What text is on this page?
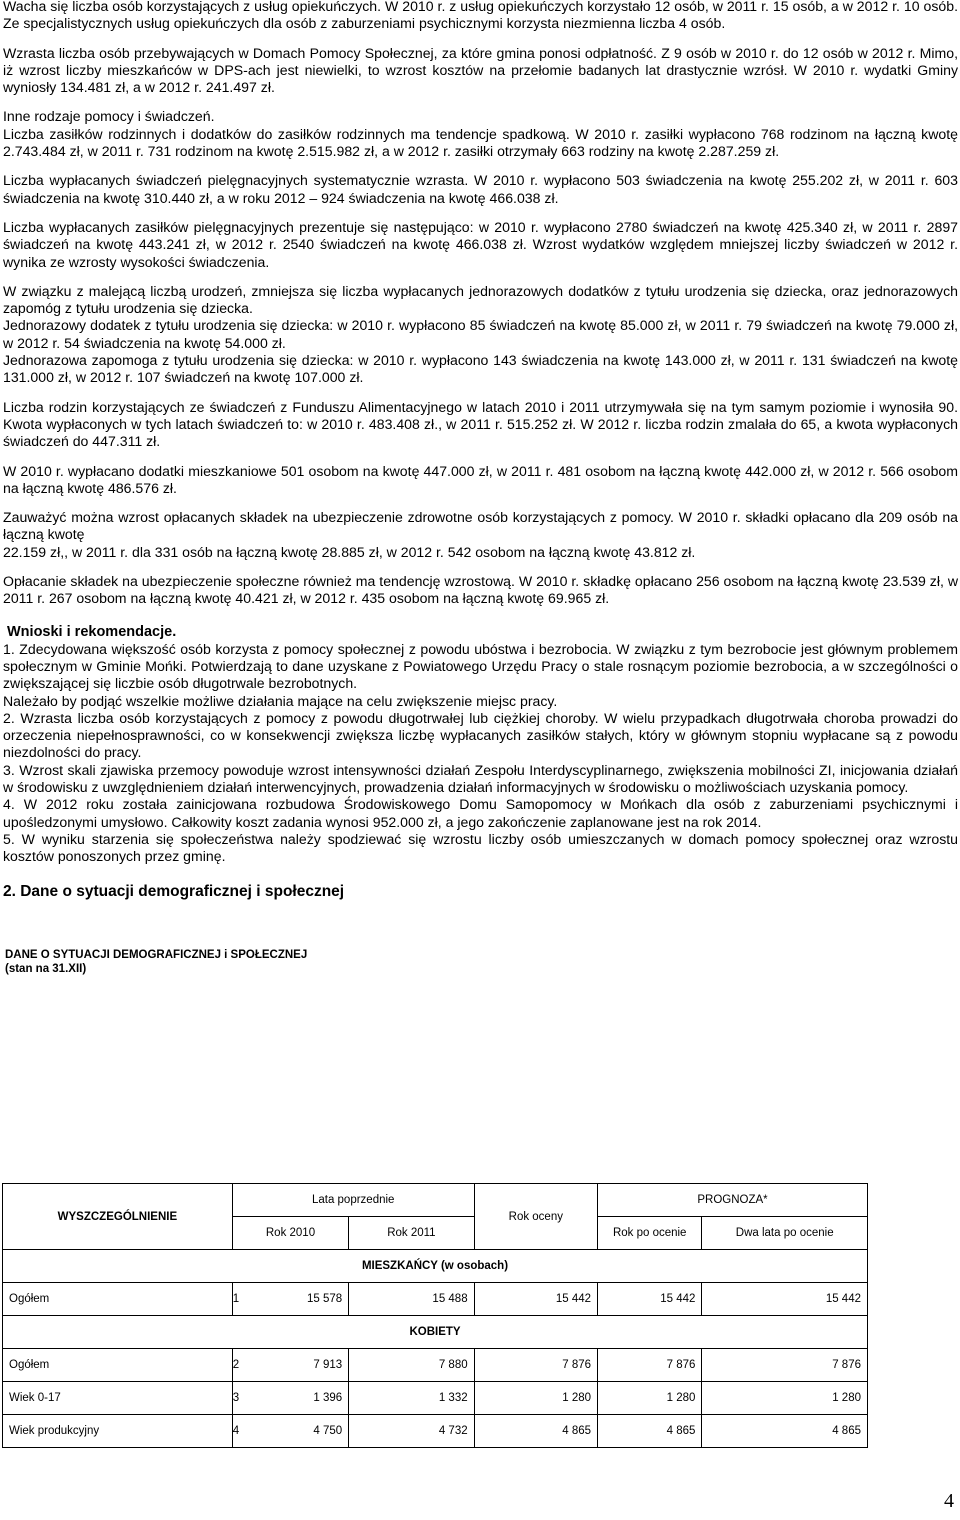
Wacha się liczba osób korzystających z usług opiekuńczych. W 2010 r. z usług opiekuńczych korzystało 12 osób, w 2011 r. 15 osób, a w 2012 r. 10 osób. Ze specjalistycznych usług opiekuńczych dla osób z zaburzeniami psychicznymi korzysta niezmienna liczba 4 osób.

Wzrasta liczba osób przebywających w Domach Pomocy Społecznej, za które gmina ponosi odpłatność. Z 9 osób w 2010 r. do 12 osób w 2012 r. Mimo, iż wzrost liczby mieszkańców w DPS-ach jest niewielki, to wzrost kosztów na przełomie badanych lat drastycznie wzrósł. W 2010 r. wydatki Gminy wyniosły 134.481 zł, a w 2012 r. 241.497 zł.

Inne rodzaje pomocy i świadczeń.

Liczba zasiłków rodzinnych i dodatków do zasiłków rodzinnych ma tendencje spadkową. W 2010 r. zasiłki wypłacono 768 rodzinom na łączną kwotę 2.743.484 zł, w 2011 r. 731 rodzinom na kwotę 2.515.982 zł, a w 2012 r. zasiłki otrzymały 663 rodziny na kwotę 2.287.259 zł.

Liczba wypłacanych świadczeń pielęgnacyjnych systematycznie wzrasta. W 2010 r. wypłacono 503 świadczenia na kwotę 255.202 zł, w 2011 r. 603 świadczenia na kwotę 310.440 zł, a w roku 2012 – 924 świadczenia na kwotę 466.038 zł.

Liczba wypłacanych zasiłków pielęgnacyjnych prezentuje się następująco: w 2010 r. wypłacono 2780 świadczeń na kwotę 425.340 zł, w 2011 r. 2897 świadczeń na kwotę 443.241 zł, w 2012 r. 2540 świadczeń na kwotę 466.038 zł. Wzrost wydatków względem mniejszej liczby świadczeń w 2012 r. wynika ze wzrosty wysokości świadczenia.

W związku z malejącą liczbą urodzeń, zmniejsza się liczba wypłacanych jednorazowych dodatków z tytułu urodzenia się dziecka, oraz jednorazowych zapomóg z tytułu urodzenia się dziecka.

Jednorazowy dodatek z tytułu urodzenia się dziecka: w 2010 r. wypłacono 85 świadczeń na kwotę 85.000 zł, w 2011 r. 79 świadczeń na kwotę 79.000 zł, w 2012 r. 54 świadczenia na kwotę 54.000 zł.

Jednorazowa zapomoga z tytułu urodzenia się dziecka: w 2010 r. wypłacono 143 świadczenia na kwotę 143.000 zł, w 2011 r. 131 świadczeń na kwotę 131.000 zł, w 2012 r. 107 świadczeń na kwotę 107.000 zł.

Liczba rodzin korzystających ze świadczeń z Funduszu Alimentacyjnego w latach 2010 i 2011 utrzymywała się na tym samym poziomie i wynosiła 90. Kwota wypłaconych w tych latach świadczeń to: w 2010 r. 483.408 zł., w 2011 r. 515.252 zł. W 2012 r. liczba rodzin zmalała do 65, a kwota wypłaconych świadczeń do 447.311 zł.

W 2010 r. wypłacano dodatki mieszkaniowe 501 osobom na kwotę 447.000 zł, w 2011 r. 481 osobom na łączną kwotę 442.000 zł, w 2012 r. 566 osobom na łączną kwotę 486.576 zł.

Zauważyć można wzrost opłacanych składek na ubezpieczenie zdrowotne osób korzystających z pomocy. W 2010 r. składki opłacano dla 209 osób na łączną kwotę

22.159 zł,, w 2011 r. dla 331 osób na łączną kwotę 28.885 zł, w 2012 r. 542 osobom na łączną kwotę 43.812 zł.

Opłacanie składek na ubezpieczenie społeczne również ma tendencję wzrostową. W 2010 r. składkę opłacano 256 osobom na łączną kwotę 23.539 zł, w 2011 r. 267 osobom na łączną kwotę 40.421 zł, w 2012 r. 435 osobom na łączną kwotę 69.965 zł.

Wnioski i rekomendacje.

1. Zdecydowana większość osób korzysta z pomocy społecznej z powodu ubóstwa i bezrobocia. W związku z tym bezrobocie jest głównym problemem społecznym w Gminie Mońki. Potwierdzają to dane uzyskane z Powiatowego Urzędu Pracy o stale rosnącym poziomie bezrobocia, a w szczególności o zwiększającej się liczbie osób długotrwale bezrobotnych.

Należało by podjąć wszelkie możliwe działania mające na celu zwiększenie miejsc pracy.

2. Wzrasta liczba osób korzystających z pomocy z powodu długotrwałej lub ciężkiej choroby. W wielu przypadkach długotrwała choroba prowadzi do orzeczenia niepełnosprawności, co w konsekwencji zwiększa liczbę wypłacanych zasiłków stałych, który w głównym stopniu wypłacane są z powodu niezdolności do pracy.

3. Wzrost skali zjawiska przemocy powoduje wzrost intensywności działań Zespołu Interdyscyplinarnego, zwiększenia mobilności ZI, inicjowania działań w środowisku z uwzględnieniem działań interwencyjnych, prowadzenia działań informacyjnych w środowisku o możliwościach uzyskania pomocy.

4. W 2012 roku została zainicjowana rozbudowa Środowiskowego Domu Samopomocy w Mońkach dla osób z zaburzeniami psychicznymi i upośledzonymi umysłowo. Całkowity koszt zadania wynosi 952.000 zł, a jego zakończenie zaplanowane jest na rok 2014.

5. W wyniku starzenia się społeczeństwa należy spodziewać się wzrostu liczby osób umieszczanych w domach pomocy społecznej oraz wzrostu kosztów ponoszonych przez gminę.

2. Dane o sytuacji demograficznej i społecznej

DANE O SYTUACJI DEMOGRAFICZNEJ i SPOŁECZNEJ

(stan na 31.XII)

WYSZCZEGÓLNIENIE	Lata poprzednie		Rok oceny	PROGNOZA*	
	Rok 2010	Rok 2011		Rok po ocenie	Dwa lata po ocenie
MIESZKAŃCY (w osobach)					
Ogółem	1 15 578	15 488	15 442	15 442	15 442
KOBIETY					
Ogółem	2 7 913	7 880	7 876	7 876	7 876
Wiek 0-17	3 1 396	1 332	1 280	1 280	1 280
Wiek produkcyjny	4 4 750	4 732	4 865	4 865	4 865
4
